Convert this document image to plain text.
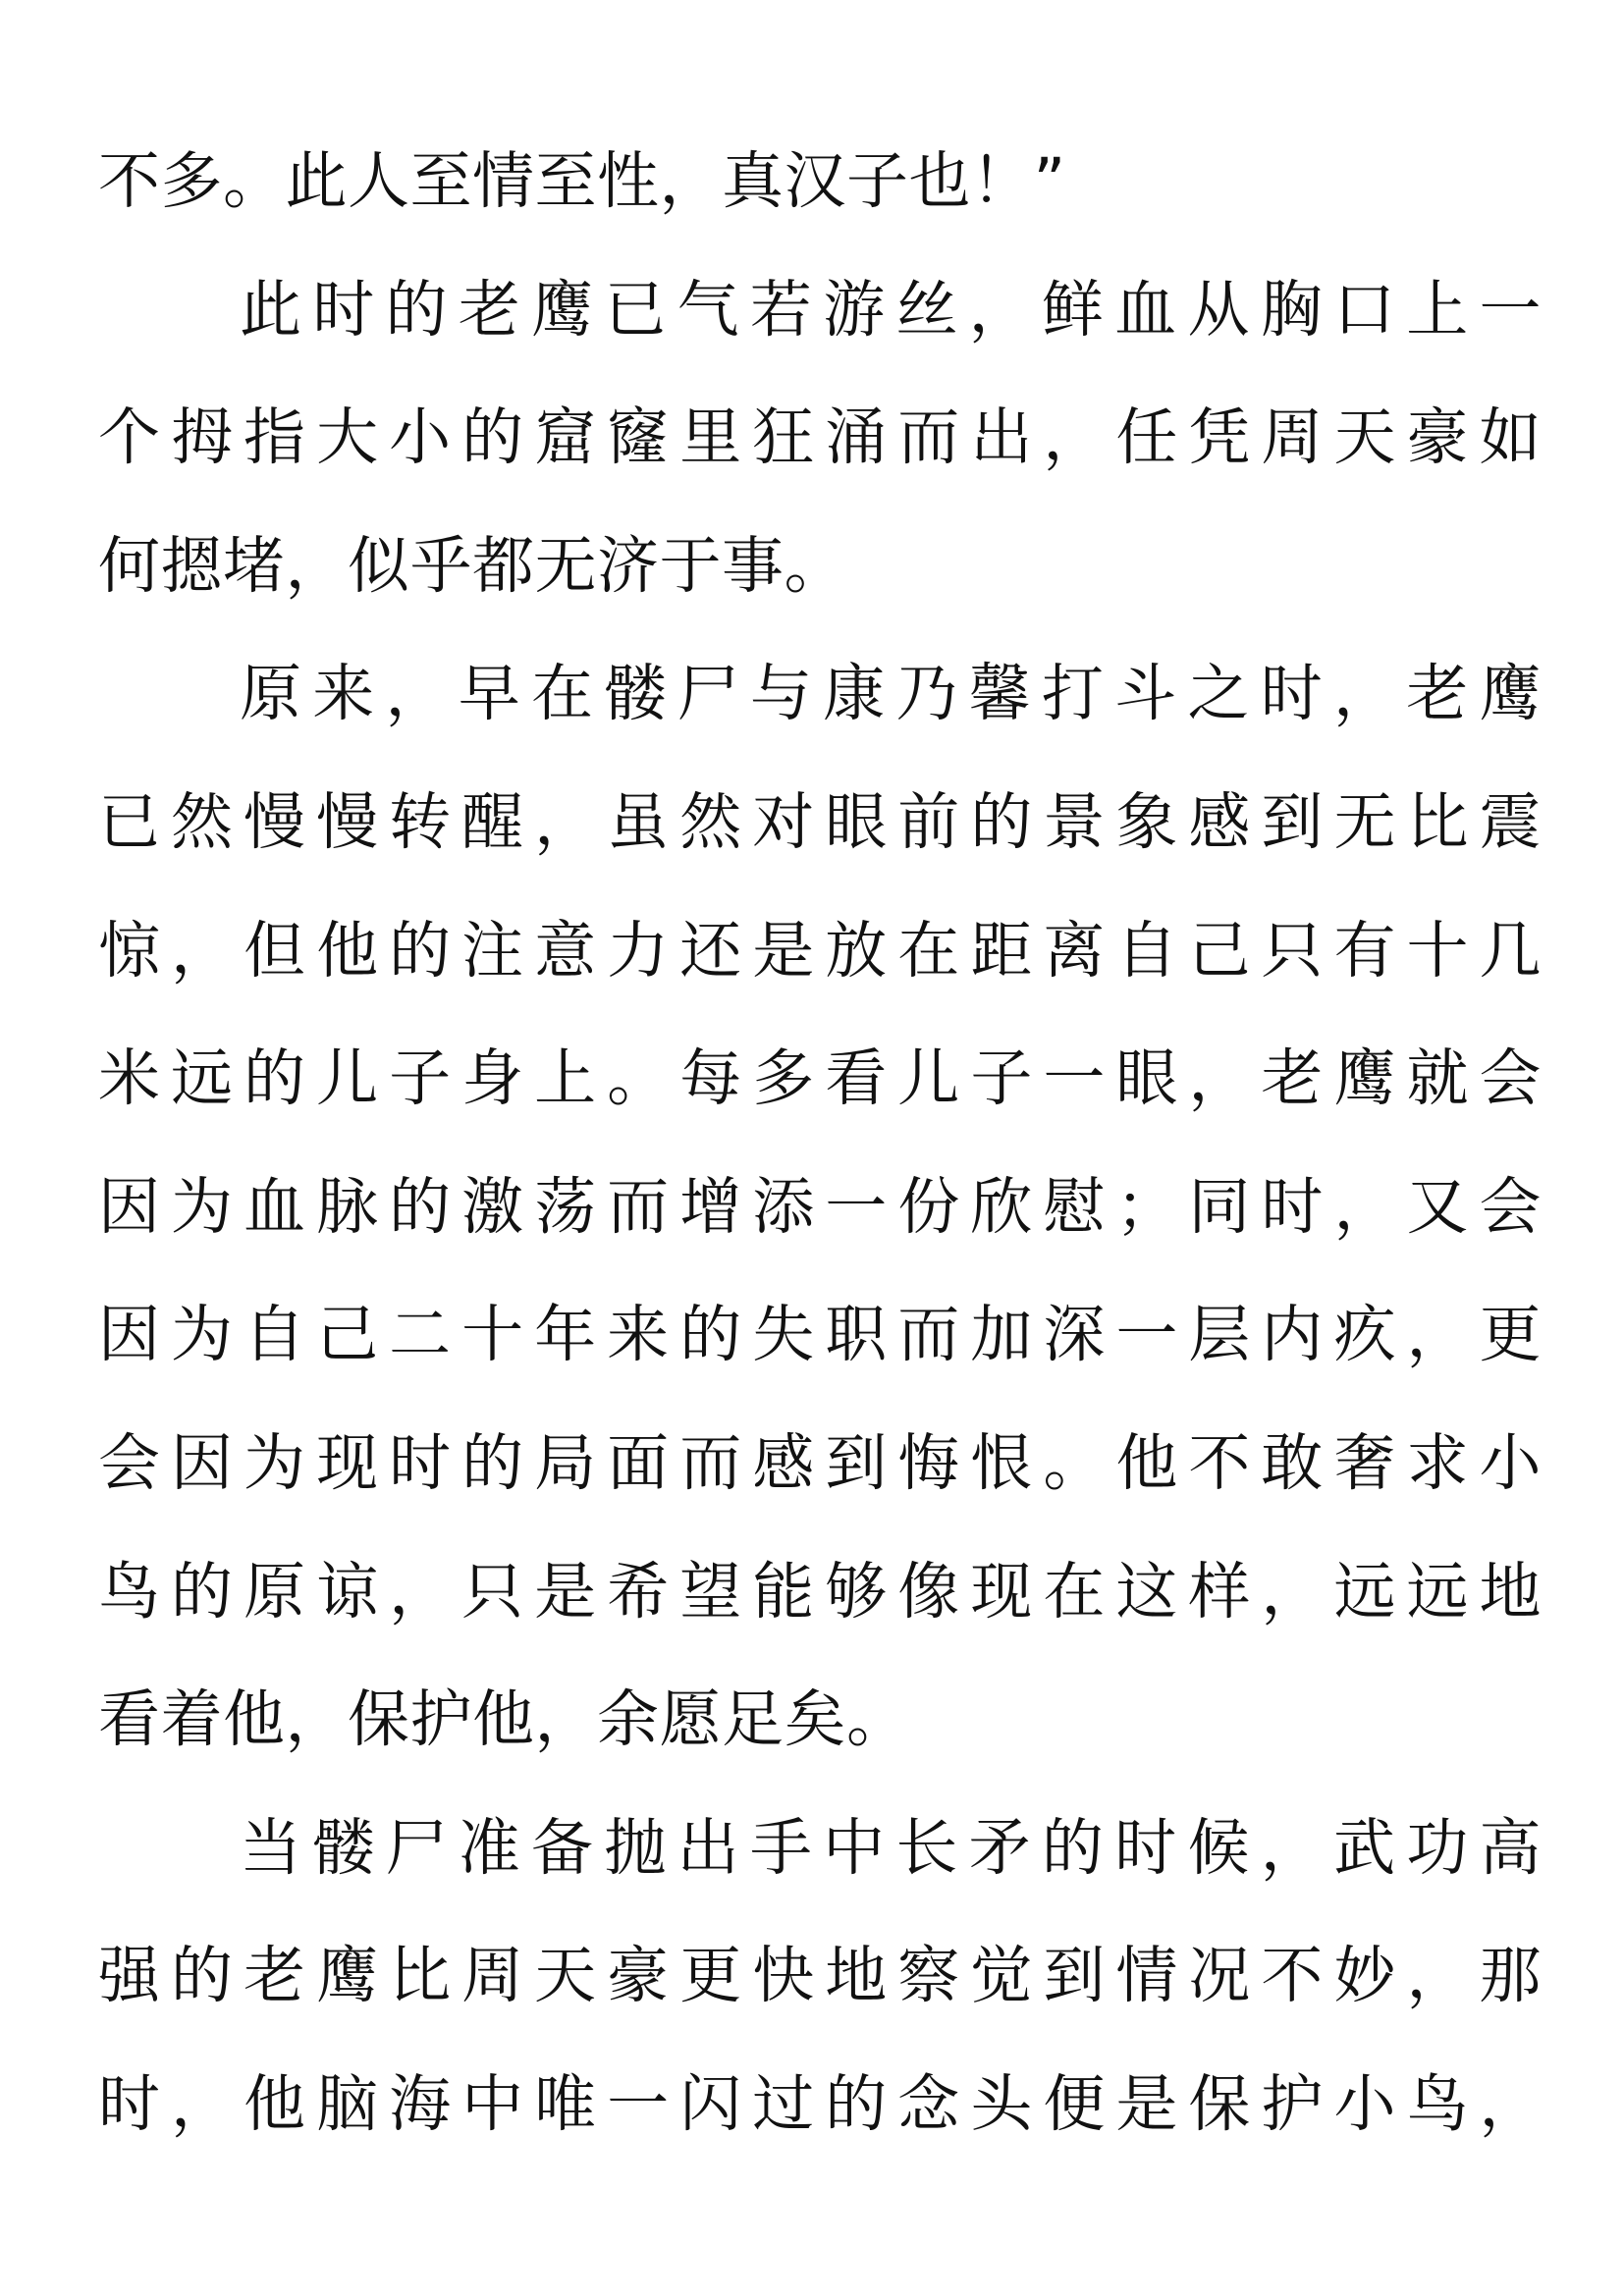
不多。此人至情至性，真汉子也！”
此时的老鹰已气若游丝，鲜血从胸口上一
个拇指大小的窟窿里狂涌而出，任凭周天豪如
何摁堵，似乎都无济于事。
原来，早在髅尸与康乃馨打斗之时，老鹰
已然慢慢转醒，虽然对眼前的景象感到无比震
惊，但他的注意力还是放在距离自己只有十几
米远的儿子身上。每多看儿子一眼，老鹰就会
因为血脉的激荡而增添一份欣慰；同时，又会
因为自己二十年来的失职而加深一层内疚，更
会因为现时的局面而感到悔恨。他不敢奢求小
鸟的原谅，只是希望能够像现在这样，远远地
看着他，保护他，余愿足矣。
当髅尸准备抛出手中长矛的时候，武功高
强的老鹰比周天豪更快地察觉到情况不妙，那
时，他脑海中唯一闪过的念头便是保护小鸟，
